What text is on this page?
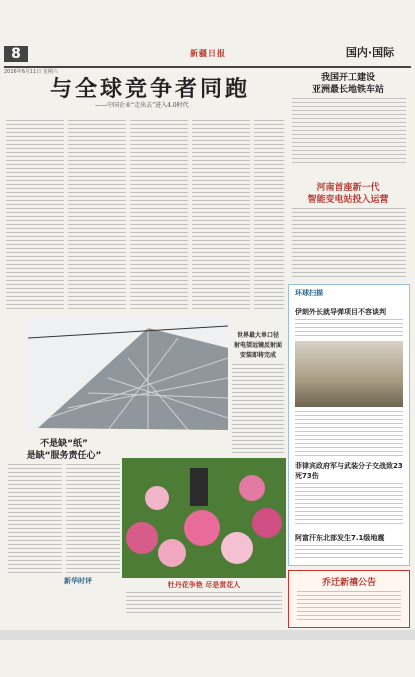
8	新疆日报	国内·国际
2016年6月11日 星期六
与全球竞争者同跑
——中国企业“走出去”进入4.0时代
我国开工建设
亚洲最长地铁车站
河南首座新一代
智能变电站投入运营
环球扫描
伊朗外长就导弹项目不容谈判
菲律宾政府军与武装分子交战致23死73伤
阿富汗东北部发生7.1级地震
世界最大单口径
射电望远镜反射面
安装即将完成
不是缺“纸”
是缺“服务责任心”
新华时评	牡丹花争艳 尽是赏花人	乔迁新禧公告
